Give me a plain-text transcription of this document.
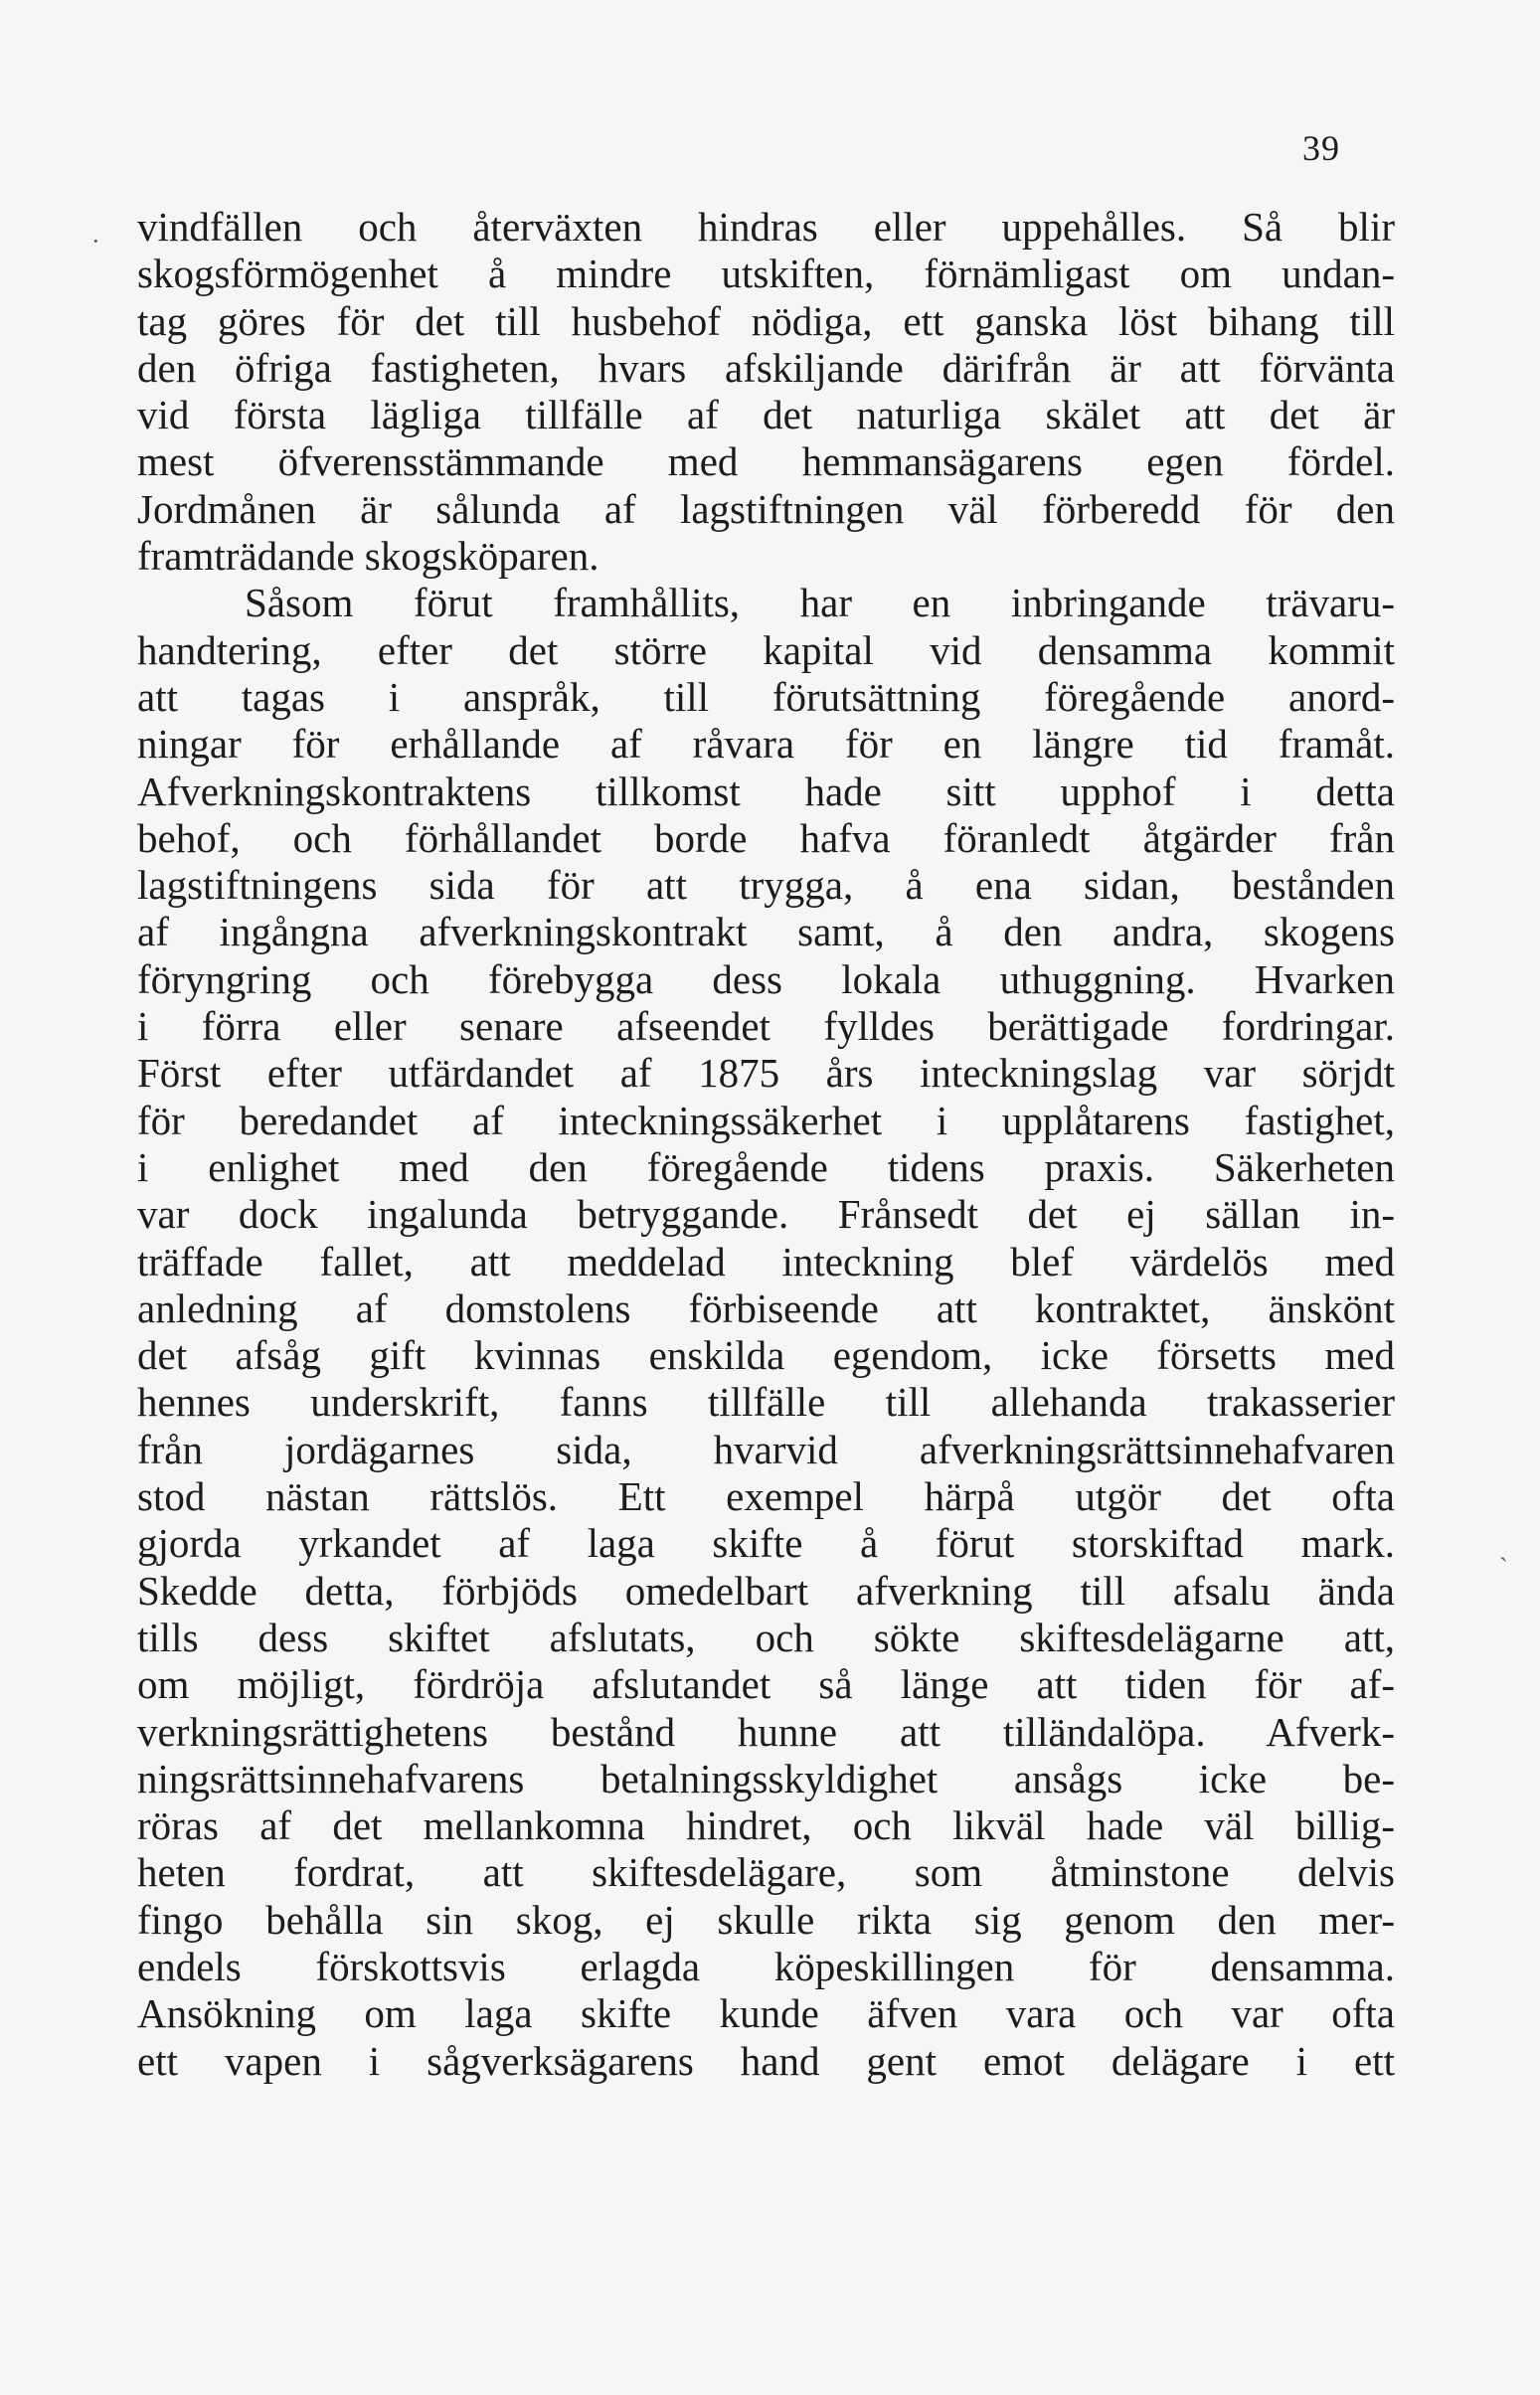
39
·
ˋ
vindfällen och återväxten hindras eller uppehålles. Så blir
skogsförmögenhet å mindre utskiften, förnämligast om undan-
tag göres för det till husbehof nödiga, ett ganska löst bihang till
den öfriga fastigheten, hvars afskiljande därifrån är att förvänta
vid första lägliga tillfälle af det naturliga skälet att det är
mest öfverensstämmande med hemmansägarens egen fördel.
Jordmånen är sålunda af lagstiftningen väl förberedd för den
framträdande skogsköparen.
Såsom förut framhållits, har en inbringande trävaru-
handtering, efter det större kapital vid densamma kommit
att tagas i anspråk, till förutsättning föregående anord-
ningar för erhållande af råvara för en längre tid framåt.
Afverkningskontraktens tillkomst hade sitt upphof i detta
behof, och förhållandet borde hafva föranledt åtgärder från
lagstiftningens sida för att trygga, å ena sidan, bestånden
af ingångna afverkningskontrakt samt, å den andra, skogens
föryngring och förebygga dess lokala uthuggning. Hvarken
i förra eller senare afseendet fylldes berättigade fordringar.
Först efter utfärdandet af 1875 års inteckningslag var sörjdt
för beredandet af inteckningssäkerhet i upplåtarens fastighet,
i enlighet med den föregående tidens praxis. Säkerheten
var dock ingalunda betryggande. Frånsedt det ej sällan in-
träffade fallet, att meddelad inteckning blef värdelös med
anledning af domstolens förbiseende att kontraktet, änskönt
det afsåg gift kvinnas enskilda egendom, icke försetts med
hennes underskrift, fanns tillfälle till allehanda trakasserier
från jordägarnes sida, hvarvid afverkningsrättsinnehafvaren
stod nästan rättslös. Ett exempel härpå utgör det ofta
gjorda yrkandet af laga skifte å förut storskiftad mark.
Skedde detta, förbjöds omedelbart afverkning till afsalu ända
tills dess skiftet afslutats, och sökte skiftesdelägarne att,
om möjligt, fördröja afslutandet så länge att tiden för af-
verkningsrättighetens bestånd hunne att tilländalöpa. Afverk-
ningsrättsinnehafvarens betalningsskyldighet ansågs icke be-
röras af det mellankomna hindret, och likväl hade väl billig-
heten fordrat, att skiftesdelägare, som åtminstone delvis
fingo behålla sin skog, ej skulle rikta sig genom den mer-
endels förskottsvis erlagda köpeskillingen för densamma.
Ansökning om laga skifte kunde äfven vara och var ofta
ett vapen i sågverksägarens hand gent emot delägare i ett
